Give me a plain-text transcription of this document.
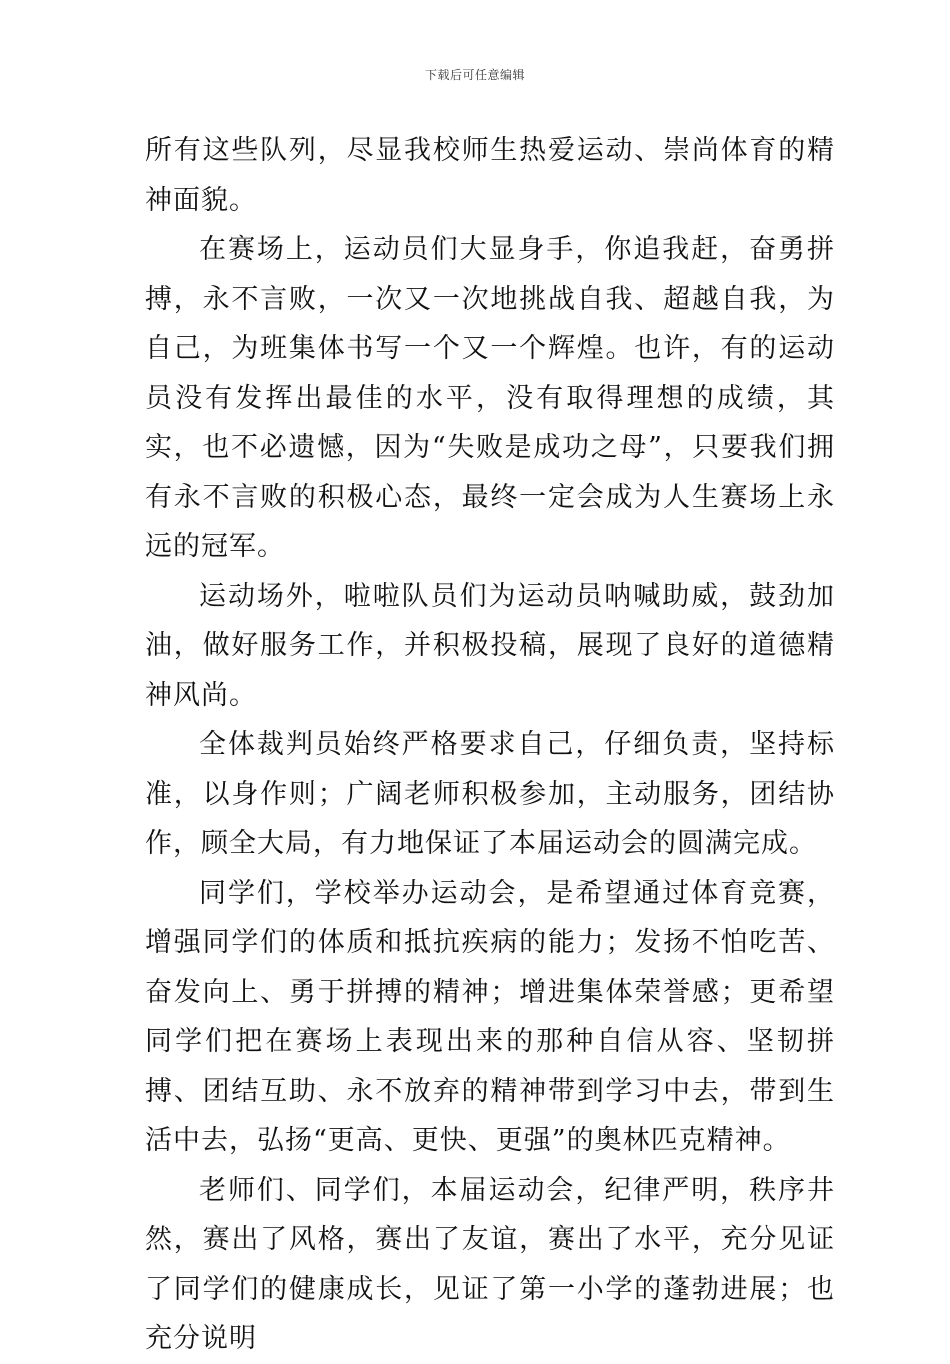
下载后可任意编辑

所有这些队列，尽显我校师生热爱运动、崇尚体育的精神面貌。

在赛场上，运动员们大显身手，你追我赶，奋勇拼搏，永不言败，一次又一次地挑战自我、超越自我，为自己，为班集体书写一个又一个辉煌。也许，有的运动员没有发挥出最佳的水平，没有取得理想的成绩，其实，也不必遗憾，因为“失败是成功之母”，只要我们拥有永不言败的积极心态，最终一定会成为人生赛场上永远的冠军。

运动场外，啦啦队员们为运动员呐喊助威，鼓劲加油，做好服务工作，并积极投稿，展现了良好的道德精神风尚。

全体裁判员始终严格要求自己，仔细负责，坚持标准，以身作则；广阔老师积极参加，主动服务，团结协作，顾全大局，有力地保证了本届运动会的圆满完成。

同学们，学校举办运动会，是希望通过体育竞赛，增强同学们的体质和抵抗疾病的能力；发扬不怕吃苦、奋发向上、勇于拼搏的精神；增进集体荣誉感；更希望同学们把在赛场上表现出来的那种自信从容、坚韧拼搏、团结互助、永不放弃的精神带到学习中去，带到生活中去，弘扬“更高、更快、更强”的奥林匹克精神。

老师们、同学们，本届运动会，纪律严明，秩序井然，赛出了风格，赛出了友谊，赛出了水平，充分见证了同学们的健康成长，见证了第一小学的蓬勃进展；也充分说明
